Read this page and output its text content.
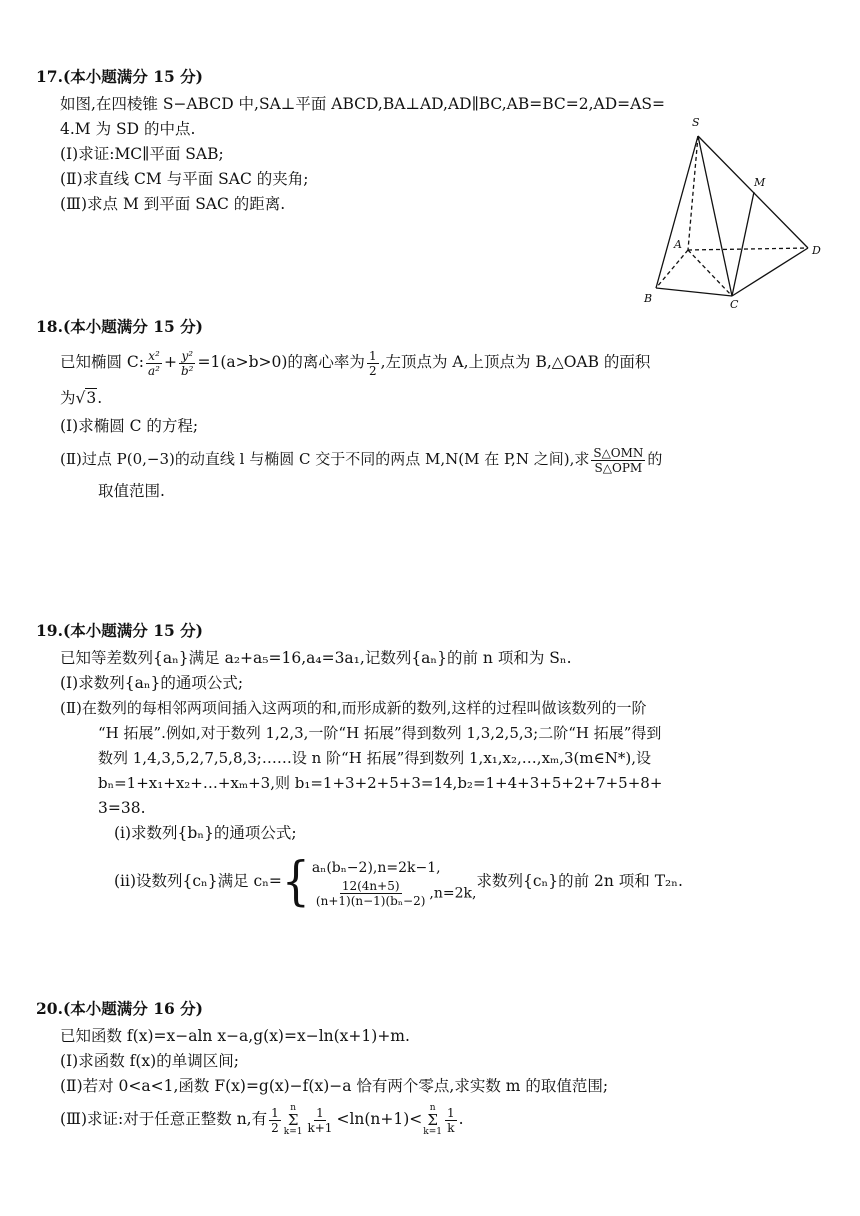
17.(本小题满分 15 分)
如图,在四棱锥 S−ABCD 中,SA⊥平面 ABCD,BA⊥AD,AD∥BC,AB=BC=2,AD=AS=
4.M 为 SD 的中点.
(Ⅰ)求证:MC∥平面 SAB;
(Ⅱ)求直线 CM 与平面 SAC 的夹角;
(Ⅲ)求点 M 到平面 SAC 的距离.
S
M
A	D
B	C
18.(本小题满分 15 分)
已知椭圆 C: $\frac{\text{x²}}{\text{a²}} + \frac{\text{y²}}{\text{b²}} =1(a>b>0)$的离心率为 $\frac{1}{2}$ ,左顶点为 A,上顶点为 B,△OAB 的面积
为√3.
(Ⅰ)求椭圆 C 的方程;
(Ⅱ)过点 P(0,−3)的动直线 l 与椭圆 C 交于不同的两点 M,N(M 在 P,N 之间),求 $\frac{\text{S△OMN}}{\text{S△OPM}}$ 的
取值范围.
19.(本小题满分 15 分)
已知等差数列{aₙ}满足 a₂+a₅=16,a₄=3a₁,记数列{aₙ}的前 n 项和为 Sₙ.
(Ⅰ)求数列{aₙ}的通项公式;
(Ⅱ)在数列的每相邻两项间插入这两项的和,而形成新的数列,这样的过程叫做该数列的一阶
“H 拓展”.例如,对于数列 1,2,3,一阶“H 拓展”得到数列 1,3,2,5,3;二阶“H 拓展”得到
数列 1,4,3,5,2,7,5,8,3;……设 n 阶“H 拓展”得到数列 1,x₁,x₂,…,xₘ,3(m∈N*),设
bₙ=1+x₁+x₂+…+xₘ+3,则 b₁=1+3+2+5+3=14,b₂=1+4+3+5+2+7+5+8+
3=38.
(ⅰ)求数列{bₙ}的通项公式;
(ⅱ)设数列{cₙ}满足 cₙ= { aₙ(bₙ−2),n=2k−1,
$\frac{12(4n+5)}{\text{(n+1)(n−1)(bₙ−2)}} ,n=2k$,
求数列{cₙ}的前 2n 项和 T₂ₙ.
20.(本小题满分 16 分)
已知函数 f(x)=x−aln x−a,g(x)=x−ln(x+1)+m.
(Ⅰ)求函数 f(x)的单调区间;
(Ⅱ)若对 0<a<1,函数 F(x)=g(x)−f(x)−a 恰有两个零点,求实数 m 的取值范围;
(Ⅲ)求证:对于任意正整数 n,有 $\frac{1}{2}$ n
Σ
$k=1 \frac{1}{k+1} <\ln(n+1)<$
n
Σ
$k=1 \frac{1}{k}$ .
